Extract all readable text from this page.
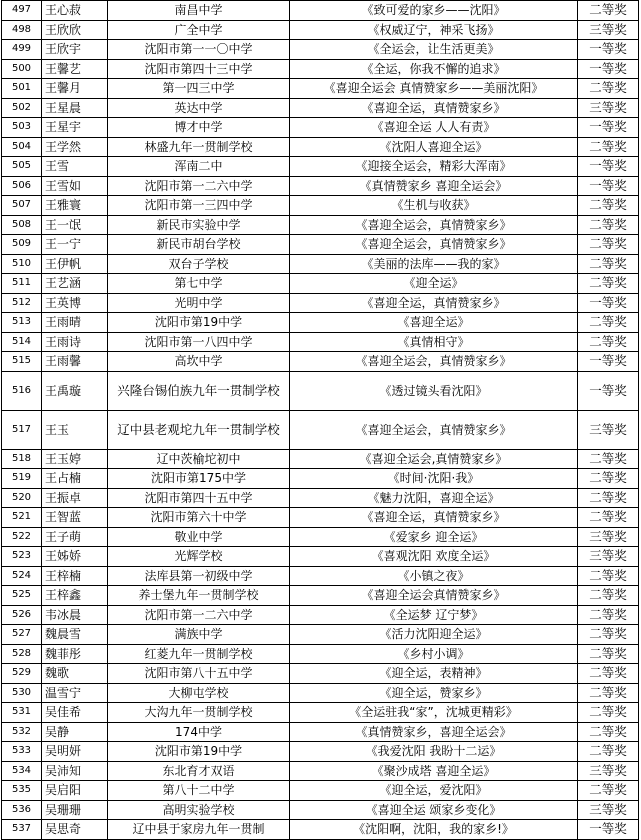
497	王心菽	南昌中学	《致可爱的家乡——沈阳》	二等奖
498	王欣欣	广全中学	《权威辽宁，神采飞扬》	三等奖
499	王欣宇	沈阳市第一一〇中学	《全运会，让生活更美》	一等奖
500	王馨艺	沈阳市第四十三中学	《全运，你我不懈的追求》	一等奖
501	王馨月	第一四三中学	《喜迎全运会 真情赞家乡——美丽沈阳》	二等奖
502	王星晨	英达中学	《喜迎全运，真情赞家乡》	三等奖
503	王星宇	博才中学	《喜迎全运 人人有责》	一等奖
504	王学然	林盛九年一贯制学校	《沈阳人喜迎全运》	二等奖
505	王雪	浑南二中	《迎接全运会，精彩大浑南》	一等奖
506	王雪如	沈阳市第一二六中学	《真情赞家乡 喜迎全运会》	一等奖
507	王雅寰	沈阳市第一三四中学	《生机与收获》	二等奖
508	王一氓	新民市实验中学	《喜迎全运会，真情赞家乡》	二等奖
509	王一宁	新民市胡台学校	《喜迎全运会，真情赞家乡》	二等奖
510	王伊帆	双台子学校	《美丽的法库——我的家》	二等奖
511	王艺涵	第七中学	《迎全运》	二等奖
512	王英博	光明中学	《喜迎全运，真情赞家乡》	一等奖
513	王雨晴	沈阳市第19中学	《喜迎全运》	二等奖
514	王雨诗	沈阳市第一八四中学	《真情相守》	二等奖
515	王雨馨	高坎中学	《喜迎全运会，真情赞家乡》	一等奖
516	王禹璇	兴隆台锡伯族九年一贯制学校	《透过镜头看沈阳》	一等奖
517	王玉	辽中县老观坨九年一贯制学校	《喜迎全运会，真情赞家乡》	三等奖
518	王玉婷	辽中茨榆坨初中	《喜迎全运会,真情赞家乡》	二等奖
519	王占楠	沈阳市第175中学	《时间·沈阳·我》	二等奖
520	王振卓	沈阳市第四十五中学	《魅力沈阳，喜迎全运》	二等奖
521	王智蓝	沈阳市第六十中学	《喜迎全运，真情赞家乡》	二等奖
522	王子萌	敬业中学	《爱家乡 迎全运》	三等奖
523	王姊娇	光辉学校	《喜观沈阳 欢度全运》	三等奖
524	王梓楠	法库县第一初级中学	《小镇之夜》	二等奖
525	王梓鑫	养士堡九年一贯制学校	《喜迎全运会真情赞家乡》	二等奖
526	韦冰晨	沈阳市第一二六中学	《全运梦 辽宁梦》	二等奖
527	魏晨雪	满族中学	《活力沈阳迎全运》	二等奖
528	魏菲彤	红菱九年一贯制学校	《乡村小调》	二等奖
529	魏歌	沈阳市第八十五中学	《迎全运，表精神》	二等奖
530	温雪宁	大柳屯学校	《迎全运，赞家乡》	二等奖
531	吴佳希	大沟九年一贯制学校	《全运驻我“家”，沈城更精彩》	二等奖
532	吴静	174中学	《真情赞家乡，喜迎全运会》	二等奖
533	吴明妍	沈阳市第19中学	《我爱沈阳 我盼十二运》	二等奖
534	吴沛知	东北育才双语	《聚沙成塔 喜迎全运》	三等奖
535	吴启阳	第八十二中学	《迎全运，爱沈阳》	二等奖
536	吴珊珊	高明实验学校	《喜迎全运 颂家乡变化》	三等奖
537	吴思奇	辽中县于家房九年一贯制	《沈阳啊，沈阳，我的家乡!》	一等奖
